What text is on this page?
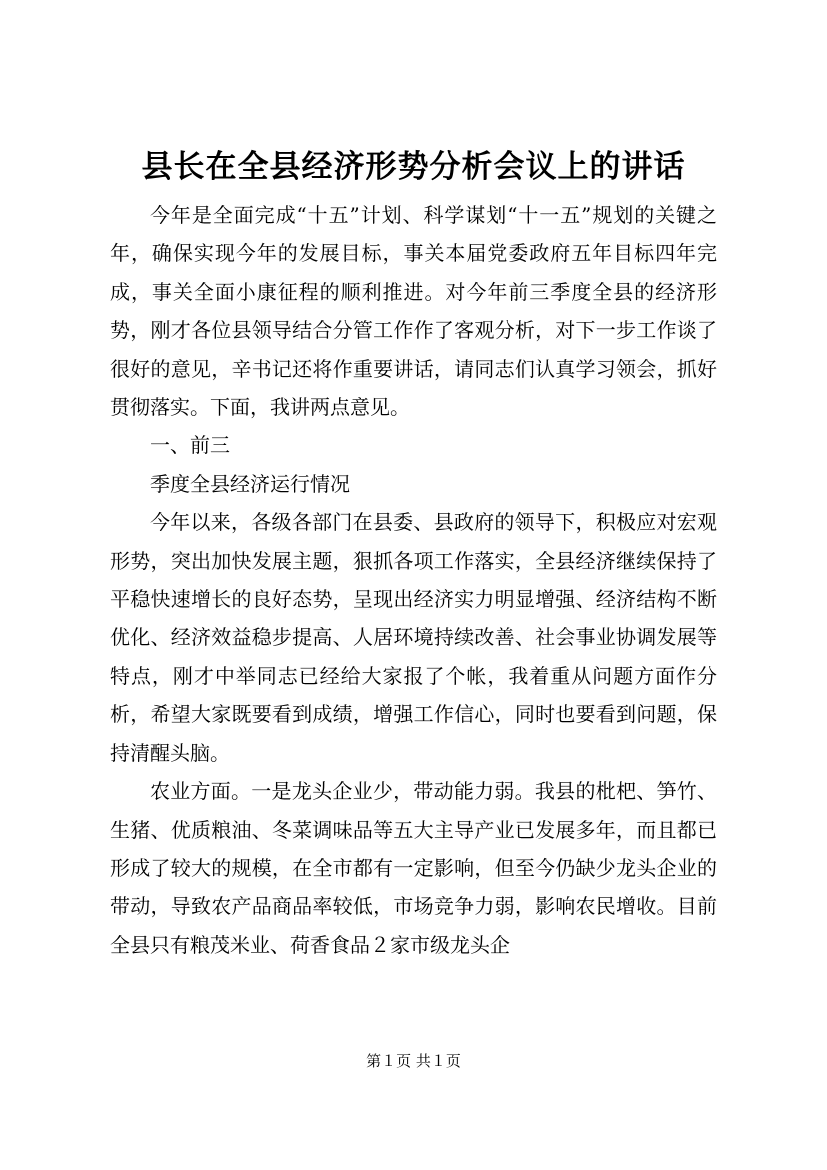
县长在全县经济形势分析会议上的讲话

今年是全面完成“十五”计划、科学谋划“十一五”规划的关键之年，确保实现今年的发展目标，事关本届党委政府五年目标四年完成，事关全面小康征程的顺利推进。对今年前三季度全县的经济形势，刚才各位县领导结合分管工作作了客观分析，对下一步工作谈了很好的意见，辛书记还将作重要讲话，请同志们认真学习领会，抓好贯彻落实。下面，我讲两点意见。

一、前三

季度全县经济运行情况

今年以来，各级各部门在县委、县政府的领导下，积极应对宏观形势，突出加快发展主题，狠抓各项工作落实，全县经济继续保持了平稳快速增长的良好态势，呈现出经济实力明显增强、经济结构不断优化、经济效益稳步提高、人居环境持续改善、社会事业协调发展等特点，刚才中举同志已经给大家报了个帐，我着重从问题方面作分析，希望大家既要看到成绩，增强工作信心，同时也要看到问题，保持清醒头脑。

农业方面。一是龙头企业少，带动能力弱。我县的枇杷、笋竹、生猪、优质粮油、冬菜调味品等五大主导产业已发展多年，而且都已形成了较大的规模，在全市都有一定影响，但至今仍缺少龙头企业的带动，导致农产品商品率较低，市场竞争力弱，影响农民增收。目前全县只有粮茂米业、荷香食品２家市级龙头企

第１页 共１页
